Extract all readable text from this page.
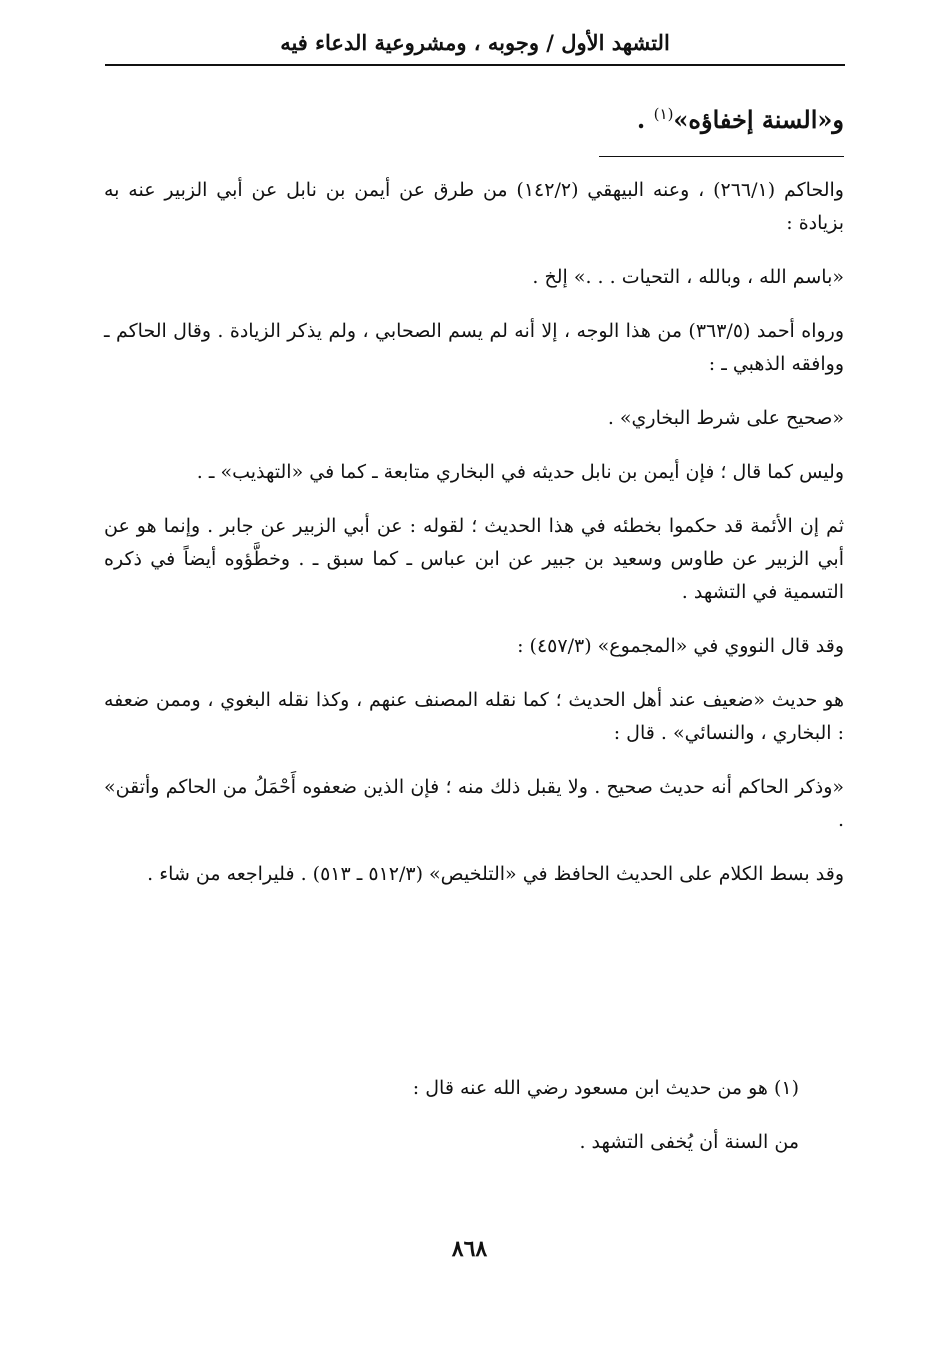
التشهد الأول / وجوبه ، ومشروعية الدعاء فيه
و«السنة إخفاؤه»$^{(١)}$ .

والحاكم (٢٦٦/١) ، وعنه البيهقي (١٤٢/٢) من طرق عن أيمن بن نابل عن أبي الزبير عنه به بزيادة :

«باسم الله ، وبالله ، التحيات . . .» إلخ .

ورواه أحمد (٣٦٣/٥) من هذا الوجه ، إلا أنه لم يسم الصحابي ، ولم يذكر الزيادة . وقال الحاكم ـ ووافقه الذهبي ـ :

«صحيح على شرط البخاري» .

وليس كما قال ؛ فإن أيمن بن نابل حديثه في البخاري متابعة ـ كما في «التهذيب» ـ .

ثم إن الأئمة قد حكموا بخطئه في هذا الحديث ؛ لقوله : عن أبي الزبير عن جابر . وإنما هو عن أبي الزبير عن طاوس وسعيد بن جبير عن ابن عباس ـ كما سبق ـ . وخطَّؤوه أيضاً في ذكره التسمية في التشهد .

وقد قال النووي في «المجموع» (٤٥٧/٣) :

هو حديث «ضعيف عند أهل الحديث ؛ كما نقله المصنف عنهم ، وكذا نقله البغوي ، وممن ضعفه : البخاري ، والنسائي» . قال :

«وذكر الحاكم أنه حديث صحيح . ولا يقبل ذلك منه ؛ فإن الذين ضعفوه أَحْمَلُ من الحاكم وأتقن» .

وقد بسط الكلام على الحديث الحافظ في «التلخيص» (٥١٢/٣ ـ ٥١٣) . فليراجعه من شاء .

(١) هو من حديث ابن مسعود رضي الله عنه قال :

من السنة أن يُخفى التشهد .

٨٦٨
